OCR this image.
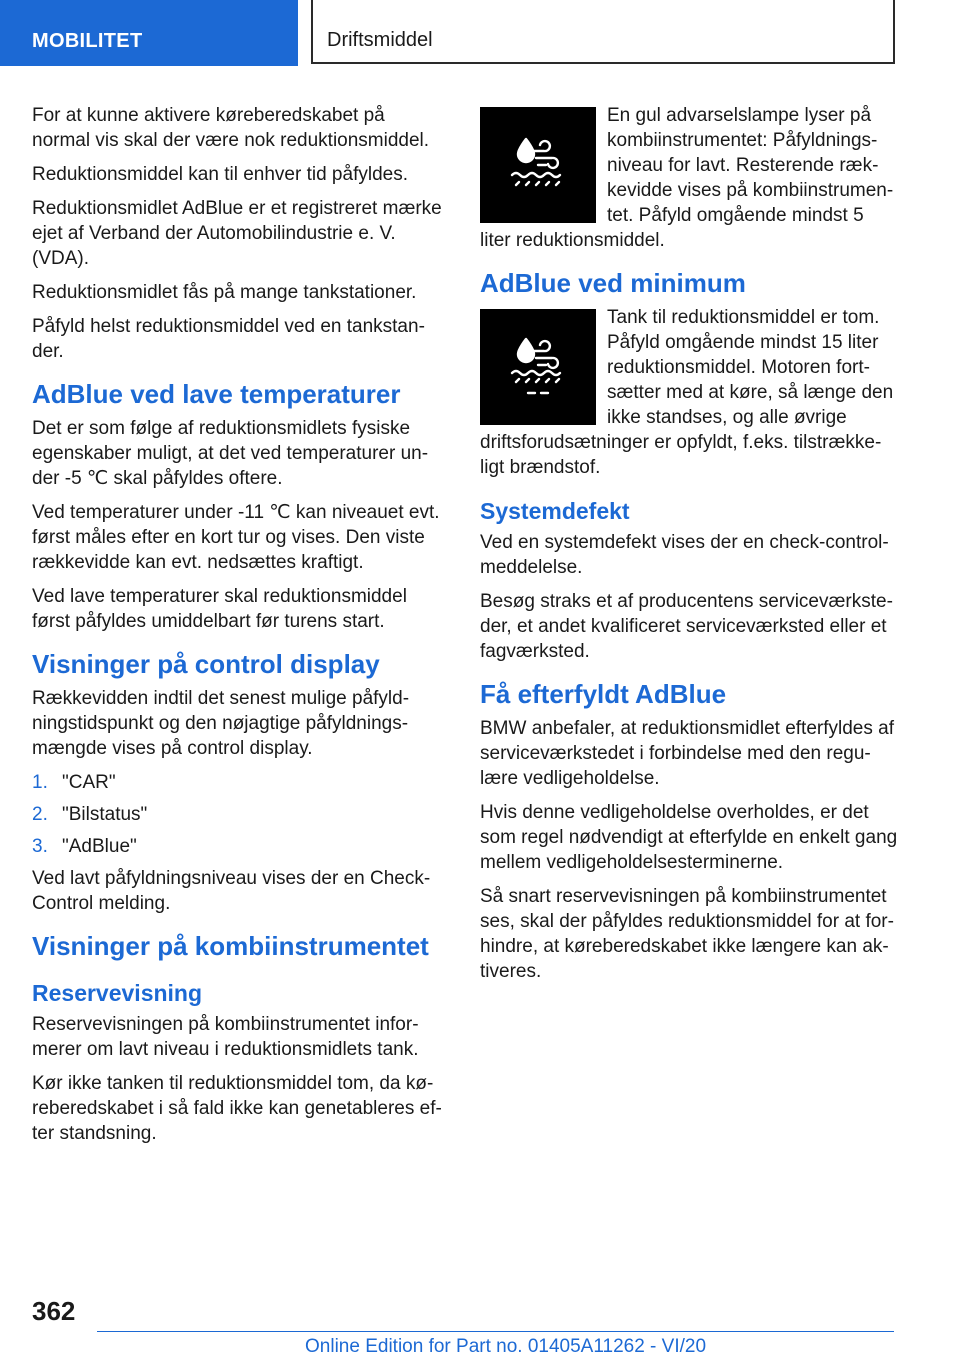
MOBILITET	Driftsmiddel

For at kunne aktivere køreberedskabet på normal vis skal der være nok reduktionsmiddel.

Reduktionsmiddel kan til enhver tid påfyldes.

Reduktionsmidlet AdBlue er et registreret mærke ejet af Verband der Automobilindustrie e. V. (VDA).

Reduktionsmidlet fås på mange tankstationer.

Påfyld helst reduktionsmiddel ved en tankstander.

AdBlue ved lave temperaturer

Det er som følge af reduktionsmidlets fysiske egenskaber muligt, at det ved temperaturer under -5 ℃ skal påfyldes oftere.

Ved temperaturer under -11 ℃ kan niveauet evt. først måles efter en kort tur og vises. Den viste rækkevidde kan evt. nedsættes kraftigt.

Ved lave temperaturer skal reduktionsmiddel først påfyldes umiddelbart før turens start.

Visninger på control display

Rækkevidden indtil det senest mulige påfyldningstidspunkt og den nøjagtige påfyldningsmængde vises på control display.

1. "CAR"
2. "Bilstatus"
3. "AdBlue"

Ved lavt påfyldningsniveau vises der en Check-Control melding.

Visninger på kombiinstrumentet
Reservevisning

Reservevisningen på kombiinstrumentet informerer om lavt niveau i reduktionsmidlets tank.

Kør ikke tanken til reduktionsmiddel tom, da køreberedskabet i så fald ikke kan genetableres efter standsning.

En gul advarselslampe lyser på kombiinstrumentet: Påfyldningsniveau for lavt. Resterende rækkevidde vises på kombiinstrumentet. Påfyld omgående mindst 5 liter reduktionsmiddel.
AdBlue ved minimum
Tank til reduktionsmiddel er tom. Påfyld omgående mindst 15 liter reduktionsmiddel. Motoren fortsætter med at køre, så længe den ikke standses, og alle øvrige driftsforudsætninger er opfyldt, f.eks. tilstrækkeligt brændstof.
Systemdefekt

Ved en systemdefekt vises der en check-control-meddelelse.

Besøg straks et af producentens serviceværksteder, et andet kvalificeret serviceværksted eller et fagværksted.

Få efterfyldt AdBlue

BMW anbefaler, at reduktionsmidlet efterfyldes af serviceværkstedet i forbindelse med den regulære vedligeholdelse.

Hvis denne vedligeholdelse overholdes, er det som regel nødvendigt at efterfylde en enkelt gang mellem vedligeholdelsesterminerne.

Så snart reservevisningen på kombiinstrumentet ses, skal der påfyldes reduktionsmiddel for at forhindre, at køreberedskabet ikke længere kan aktiveres.

362
Online Edition for Part no. 01405A11262 - VI/20
